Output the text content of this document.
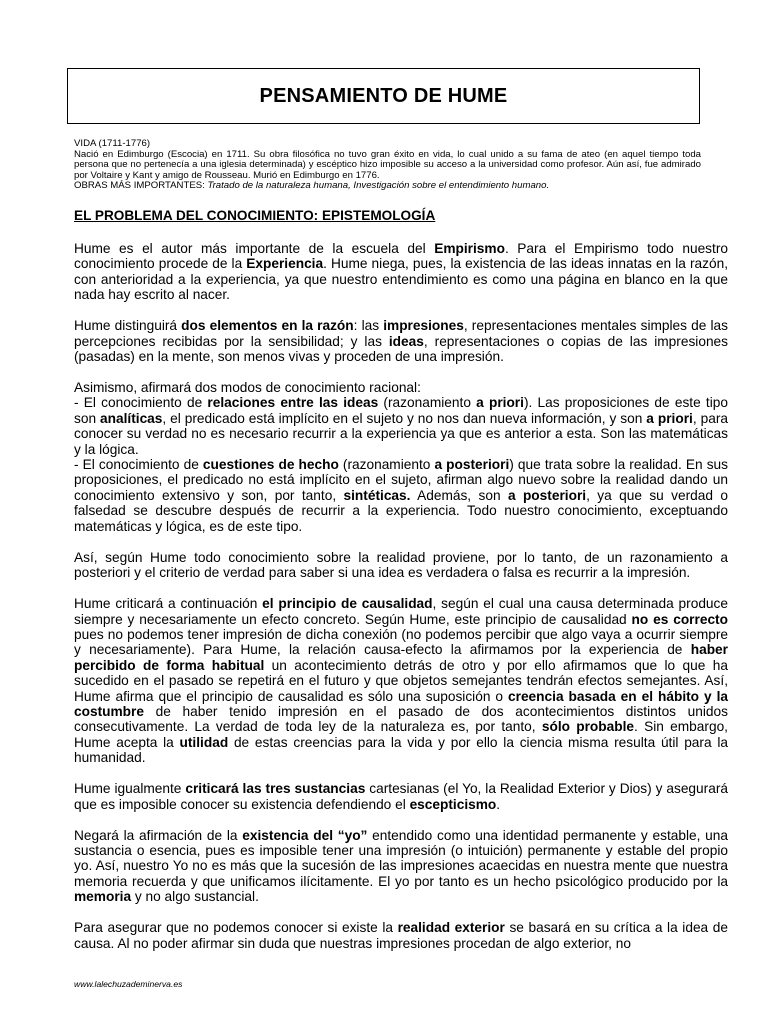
PENSAMIENTO DE HUME

VIDA (1711-1776)

Nació en Edimburgo (Escocia) en 1711. Su obra filosófica no tuvo gran éxito en vida, lo cual unido a su fama de ateo (en aquel tiempo toda persona que no pertenecía a una iglesia determinada) y escéptico hizo imposible su acceso a la universidad como profesor. Aún así, fue admirado por Voltaire y Kant y amigo de Rousseau. Murió en Edimburgo en 1776.

OBRAS MÁS IMPORTANTES: Tratado de la naturaleza humana, Investigación sobre el entendimiento humano.

EL PROBLEMA DEL CONOCIMIENTO: EPISTEMOLOGÍA

Hume es el autor más importante de la escuela del Empirismo. Para el Empirismo todo nuestro conocimiento procede de la Experiencia. Hume niega, pues, la existencia de las ideas innatas en la razón, con anterioridad a la experiencia, ya que nuestro entendimiento es como una página en blanco en la que nada hay escrito al nacer.

Hume distinguirá dos elementos en la razón: las impresiones, representaciones mentales simples de las percepciones recibidas por la sensibilidad; y las ideas, representaciones o copias de las impresiones (pasadas) en la mente, son menos vivas y proceden de una impresión.

Asimismo, afirmará dos modos de conocimiento racional:

- El conocimiento de relaciones entre las ideas (razonamiento a priori). Las proposiciones de este tipo son analíticas, el predicado está implícito en el sujeto y no nos dan nueva información, y son a priori, para conocer su verdad no es necesario recurrir a la experiencia ya que es anterior a esta. Son las matemáticas y la lógica.

- El conocimiento de cuestiones de hecho (razonamiento a posteriori) que trata sobre la realidad. En sus proposiciones, el predicado no está implícito en el sujeto, afirman algo nuevo sobre la realidad dando un conocimiento extensivo y son, por tanto, sintéticas. Además, son a posteriori, ya que su verdad o falsedad se descubre después de recurrir a la experiencia. Todo nuestro conocimiento, exceptuando matemáticas y lógica, es de este tipo.

Así, según Hume todo conocimiento sobre la realidad proviene, por lo tanto, de un razonamiento a posteriori y el criterio de verdad para saber si una idea es verdadera o falsa es recurrir a la impresión.

Hume criticará a continuación el principio de causalidad, según el cual una causa determinada produce siempre y necesariamente un efecto concreto. Según Hume, este principio de causalidad no es correcto pues no podemos tener impresión de dicha conexión (no podemos percibir que algo vaya a ocurrir siempre y necesariamente). Para Hume, la relación causa-efecto la afirmamos por la experiencia de haber percibido de forma habitual un acontecimiento detrás de otro y por ello afirmamos que lo que ha sucedido en el pasado se repetirá en el futuro y que objetos semejantes tendrán efectos semejantes. Así, Hume afirma que el principio de causalidad es sólo una suposición o creencia basada en el hábito y la costumbre de haber tenido impresión en el pasado de dos acontecimientos distintos unidos consecutivamente. La verdad de toda ley de la naturaleza es, por tanto, sólo probable. Sin embargo, Hume acepta la utilidad de estas creencias para la vida y por ello la ciencia misma resulta útil para la humanidad.

Hume igualmente criticará las tres sustancias cartesianas (el Yo, la Realidad Exterior y Dios) y asegurará que es imposible conocer su existencia defendiendo el escepticismo.

Negará la afirmación de la existencia del “yo” entendido como una identidad permanente y estable, una sustancia o esencia, pues es imposible tener una impresión (o intuición) permanente y estable del propio yo. Así, nuestro Yo no es más que la sucesión de las impresiones acaecidas en nuestra mente que nuestra memoria recuerda y que unificamos ilícitamente. El yo por tanto es un hecho psicológico producido por la memoria y no algo sustancial.

Para asegurar que no podemos conocer si existe la realidad exterior se basará en su crítica a la idea de causa. Al no poder afirmar sin duda que nuestras impresiones procedan de algo exterior, no

www.lalechuzademinerva.es
